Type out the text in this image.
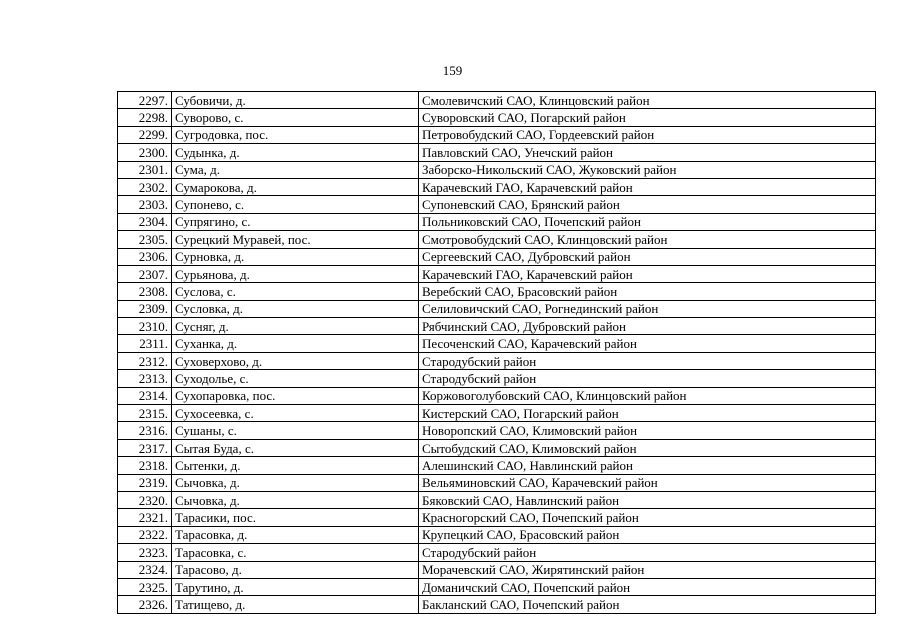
159
2297.	Субовичи, д.	Смолевичский САО, Клинцовский район
2298.	Суворово, с.	Суворовский САО, Погарский район
2299.	Сугродовка, пос.	Петровобудский САО, Гордеевский район
2300.	Судынка, д.	Павловский САО, Унечский район
2301.	Сума, д.	Заборско-Никольский САО, Жуковский район
2302.	Сумарокова, д.	Карачевский ГАО, Карачевский район
2303.	Супонево, с.	Супоневский САО, Брянский район
2304.	Супрягино, с.	Польниковский САО, Почепский район
2305.	Сурецкий Муравей, пос.	Смотровобудский САО, Клинцовский район
2306.	Сурновка, д.	Сергеевский САО, Дубровский район
2307.	Сурьянова, д.	Карачевский ГАО, Карачевский район
2308.	Суслова, с.	Веребский САО, Брасовский район
2309.	Сусловка, д.	Селиловичский САО, Рогнединский район
2310.	Сусняг, д.	Рябчинский САО, Дубровский район
2311.	Суханка, д.	Песоченский САО, Карачевский район
2312.	Суховерхово, д.	Стародубский район
2313.	Суходолье, с.	Стародубский район
2314.	Сухопаровка, пос.	Коржовоголубовский САО, Клинцовский район
2315.	Сухосеевка, с.	Кистерский САО, Погарский район
2316.	Сушаны, с.	Новоропский САО, Климовский район
2317.	Сытая Буда, с.	Сытобудский САО, Климовский район
2318.	Сытенки, д.	Алешинский САО, Навлинский район
2319.	Сычовка, д.	Вельяминовский САО, Карачевский район
2320.	Сычовка, д.	Бяковский САО, Навлинский район
2321.	Тарасики, пос.	Красногорский САО, Почепский район
2322.	Тарасовка, д.	Крупецкий САО, Брасовский район
2323.	Тарасовка, с.	Стародубский район
2324.	Тарасово, д.	Морачевский САО, Жирятинский район
2325.	Тарутино, д.	Доманичский САО, Почепский район
2326.	Татищево, д.	Бакланский САО, Почепский район
